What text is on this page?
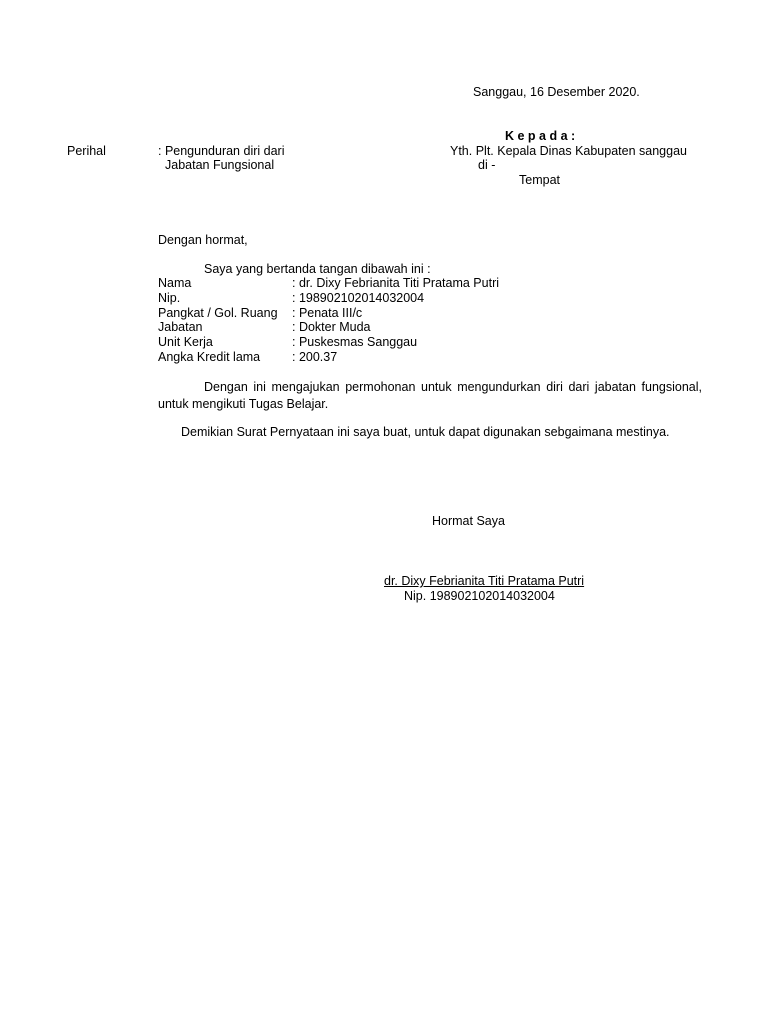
Sanggau, 16 Desember 2020.
K e p a d a :
Perihal	: Pengunduran diri dari
Jabatan Fungsional
Yth. Plt. Kepala Dinas Kabupaten sanggau
di -
Tempat
Dengan hormat,
Saya yang bertanda tangan dibawah ini :
Nama	: dr. Dixy Febrianita Titi Pratama Putri
Nip.	: 198902102014032004
Pangkat / Gol. Ruang : Penata III/c
Jabatan	: Dokter Muda
Unit Kerja	: Puskesmas Sanggau
Angka Kredit lama	: 200.37
Dengan ini mengajukan permohonan untuk mengundurkan diri dari jabatan fungsional, untuk mengikuti Tugas Belajar.
Demikian Surat Pernyataan ini saya buat, untuk dapat digunakan sebgaimana mestinya.
Hormat Saya
dr. Dixy Febrianita Titi Pratama Putri
Nip. 198902102014032004
